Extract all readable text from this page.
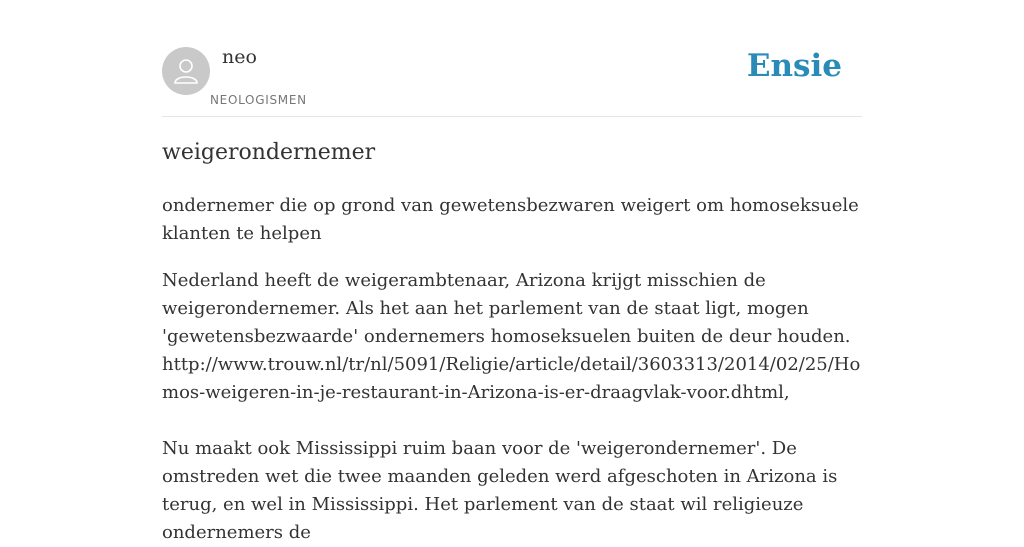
neo
NEOLOGISMEN
Ensie
weigerondernemer

ondernemer die op grond van gewetensbezwaren weigert om homoseksuele klanten te helpen

Nederland heeft de weigerambtenaar, Arizona krijgt misschien de weigerondernemer. Als het aan het parlement van de staat ligt, mogen 'gewetensbezwaarde' ondernemers homoseksuelen buiten de deur houden. http://www.trouw.nl/tr/nl/5091/Religie/article/detail/3603313/2014/02/25/Homos-weigeren-in-je-restaurant-in-Arizona-is-er-draagvlak-voor.dhtml,

Nu maakt ook Mississippi ruim baan voor de 'weigerondernemer'. De omstreden wet die twee maanden geleden werd afgeschoten in Arizona is terug, en wel in Mississippi. Het parlement van de staat wil religieuze ondernemers de
